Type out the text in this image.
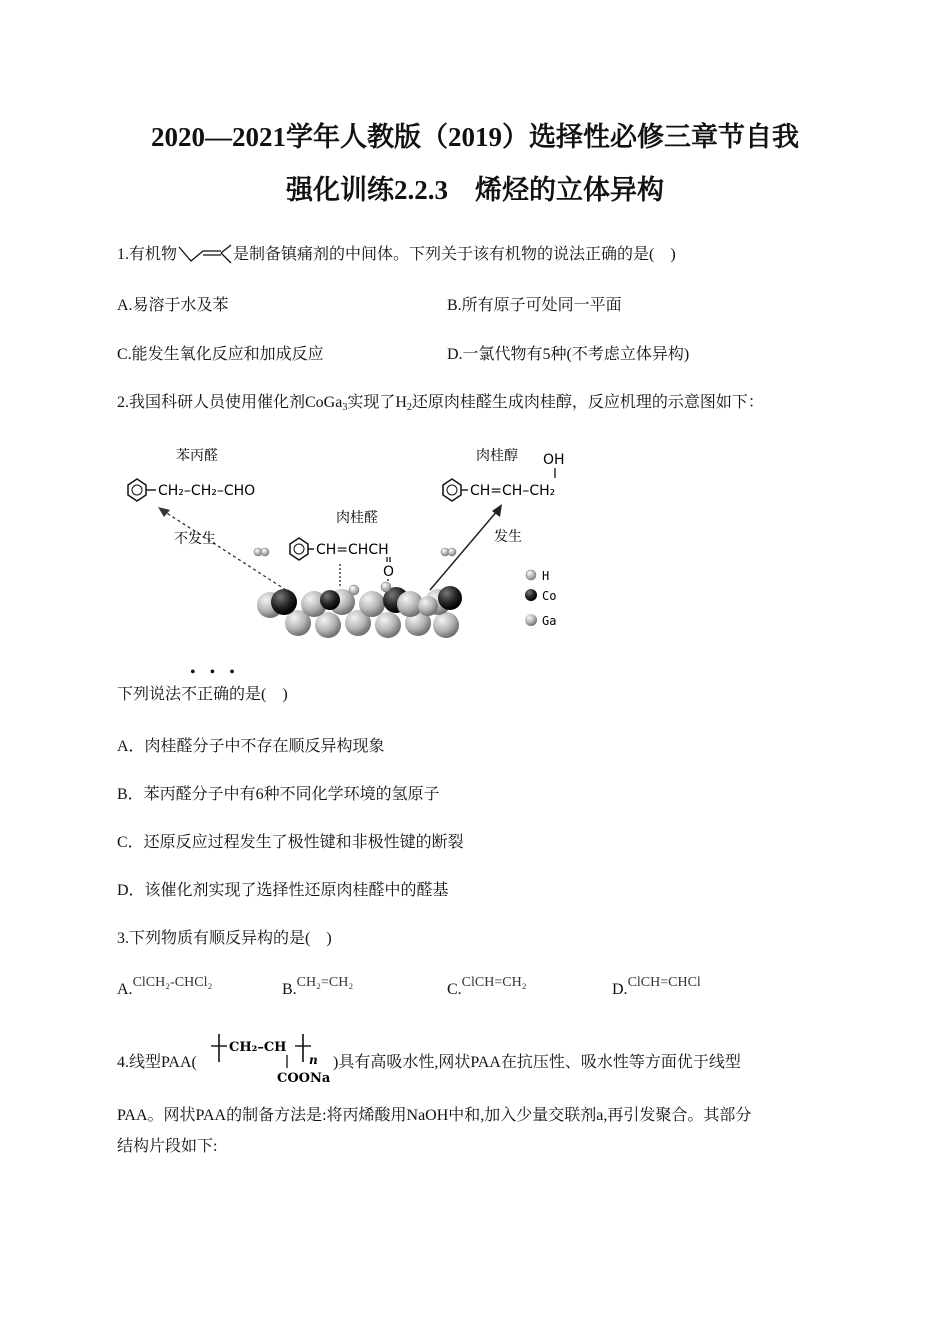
2020—2021学年人教版（2019）选择性必修三章节自我
强化训练2.2.3　烯烃的立体异构
1.有机物	是制备镇痛剂的中间体。下列关于该有机物的说法正确的是(　)
A.易溶于水及苯	B.所有原子可处同一平面
C.能发生氧化反应和加成反应	D.一氯代物有5种(不考虑立体异构)
2.我国科研人员使用催化剂CoGa$_3$实现了$H_2$还原肉桂醛生成肉桂醇，反应机理的示意图如下：
苯丙醛
CH₂–CH₂–CHO
肉桂醇 OH
CH=CH–CH₂
肉桂醛
CH=CHCH
O
不发生	发生
H
Co
Ga
•••
下列说法不正确的是(　)
A．肉桂醛分子中不存在顺反异构现象
B．苯丙醛分子中有6种不同化学环境的氢原子
C．还原反应过程发生了极性键和非极性键的断裂
D．该催化剂实现了选择性还原肉桂醛中的醛基
3.下列物质有顺反异构的是(　)
A.ClCH₂-CHCl₂	B.CH₂=CH₂	C.ClCH=CH₂	D.ClCH=CHCl
4.线型PAA(
CH₂–CH
n
COONa
)具有高吸水性,网状PAA在抗压性、吸水性等方面优于线型
PAA。网状PAA的制备方法是:将丙烯酸用NaOH中和,加入少量交联剂a,再引发聚合。其部分
结构片段如下:
